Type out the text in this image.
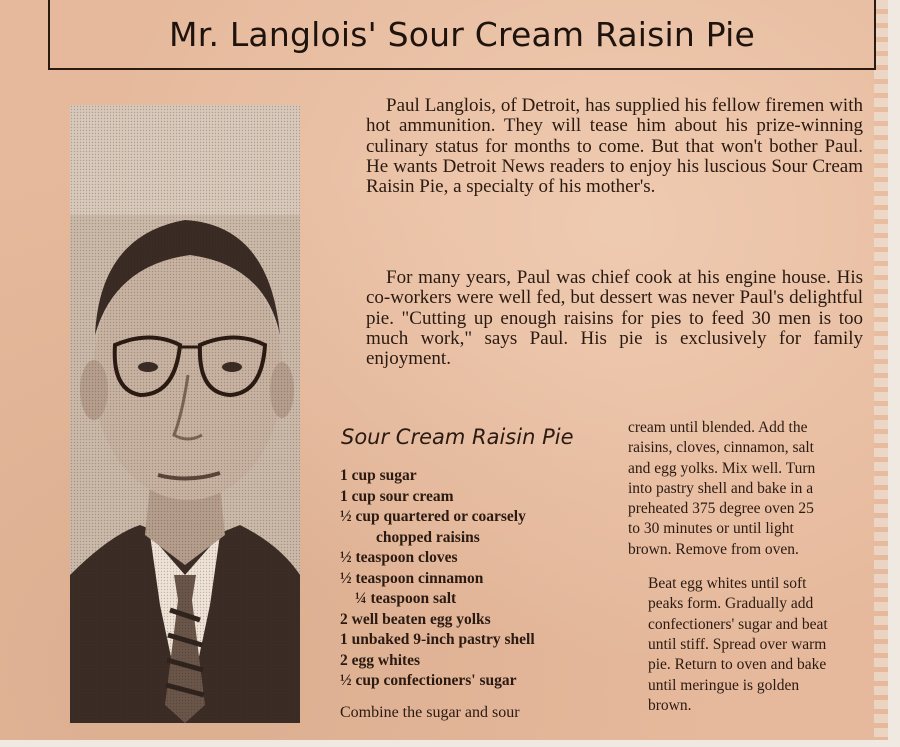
Mr. Langlois' Sour Cream Raisin Pie

Paul Langlois, of Detroit, has supplied his fellow firemen with hot ammunition. They will tease him about his prize-winning culinary status for months to come. But that won't bother Paul. He wants Detroit News readers to enjoy his luscious Sour Cream Raisin Pie, a specialty of his mother's.

For many years, Paul was chief cook at his engine house. His co-workers were well fed, but dessert was never Paul's delightful pie. "Cutting up enough raisins for pies to feed 30 men is too much work," says Paul. His pie is exclusively for family enjoyment.

Sour Cream Raisin Pie
1 cup sugar
1 cup sour cream
½ cup quartered or coarsely
chopped raisins
½ teaspoon cloves
½ teaspoon cinnamon
¼ teaspoon salt
2 well beaten egg yolks
1 unbaked 9-inch pastry shell
2 egg whites
½ cup confectioners' sugar
Combine the sugar and sour

cream until blended. Add the
raisins, cloves, cinnamon, salt
and egg yolks. Mix well. Turn
into pastry shell and bake in a
preheated 375 degree oven 25
to 30 minutes or until light
brown. Remove from oven.

Beat egg whites until soft
peaks form. Gradually add
confectioners' sugar and beat
until stiff. Spread over warm
pie. Return to oven and bake
until meringue is golden
brown.
